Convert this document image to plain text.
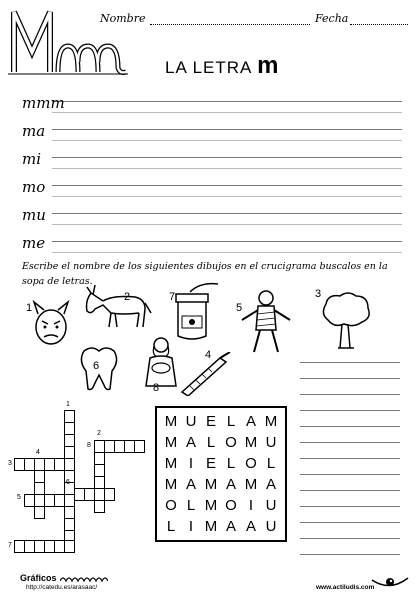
Nombre	Fecha
LA LETRA m
mmm
ma
mi
mo
mu
me
Escribe el nombre de los siguientes dibujos en el crucigrama buscalos en la sopa de letras.
1
2	7
5
3
6
8
4
1
2
8
4
3
6
5
7
M	U	E	L	A	M
M	A	L	O	M	U
M	I	E	L	O	L
M	A	M	A	M	A
O	L	M	O	I	U
L	I	M	A	A	U
Gráficos
http://catedu.es/arasaac/	www.actiludis.com
